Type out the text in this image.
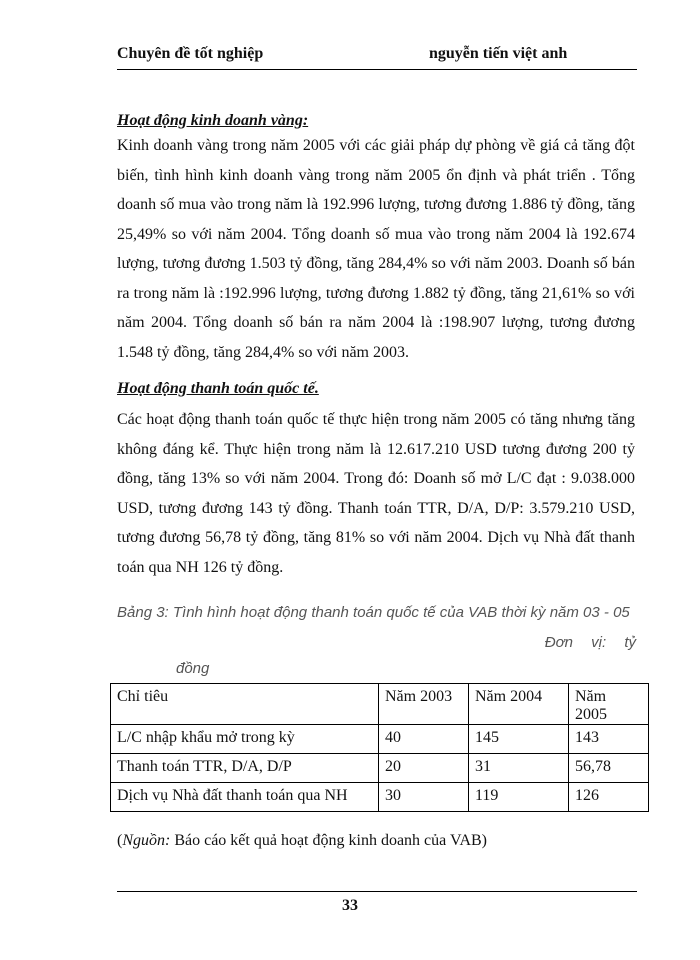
Chuyên đề tốt nghiệp	nguyễn tiến việt anh
Hoạt động kinh doanh vàng:
Kinh doanh vàng trong năm 2005 với các giải pháp dự phòng về giá cả tăng đột biến, tình hình kinh doanh vàng trong năm 2005 ổn định và phát triển . Tổng doanh số mua vào trong năm là 192.996 lượng, tương đương 1.886 tỷ đồng, tăng 25,49% so với năm 2004. Tổng doanh số mua vào trong năm 2004 là 192.674 lượng, tương đương 1.503 tỷ đồng, tăng 284,4% so với năm 2003. Doanh số bán ra trong năm là :192.996 lượng, tương đương 1.882 tỷ đồng, tăng 21,61% so với năm 2004. Tổng doanh số bán ra năm 2004 là :198.907 lượng, tương đương 1.548 tỷ đồng, tăng 284,4% so với năm 2003.
Hoạt động thanh toán quốc tế.
Các hoạt động thanh toán quốc tế thực hiện trong năm 2005 có tăng nhưng tăng không đáng kể. Thực hiện trong năm là 12.617.210 USD tương đương 200 tỷ đồng, tăng 13% so với năm 2004. Trong đó: Doanh số mở L/C đạt : 9.038.000 USD, tương đương 143 tỷ đồng. Thanh toán TTR, D/A, D/P: 3.579.210 USD, tương đương 56,78 tỷ đồng, tăng 81% so với năm 2004. Dịch vụ Nhà đất thanh toán qua NH 126 tỷ đồng.
Bảng 3: Tình hình hoạt động thanh toán quốc tế của VAB thời kỳ năm 03 - 05
Đơn vị: tỷ
đồng
Chỉ tiêu	Năm 2003	Năm 2004	Năm 2005
L/C nhập khẩu mở trong kỳ	40	145	143
Thanh toán TTR, D/A, D/P	20	31	56,78
Dịch vụ Nhà đất thanh toán qua NH	30	119	126
(Nguồn: Báo cáo kết quả hoạt động kinh doanh của VAB)
33
